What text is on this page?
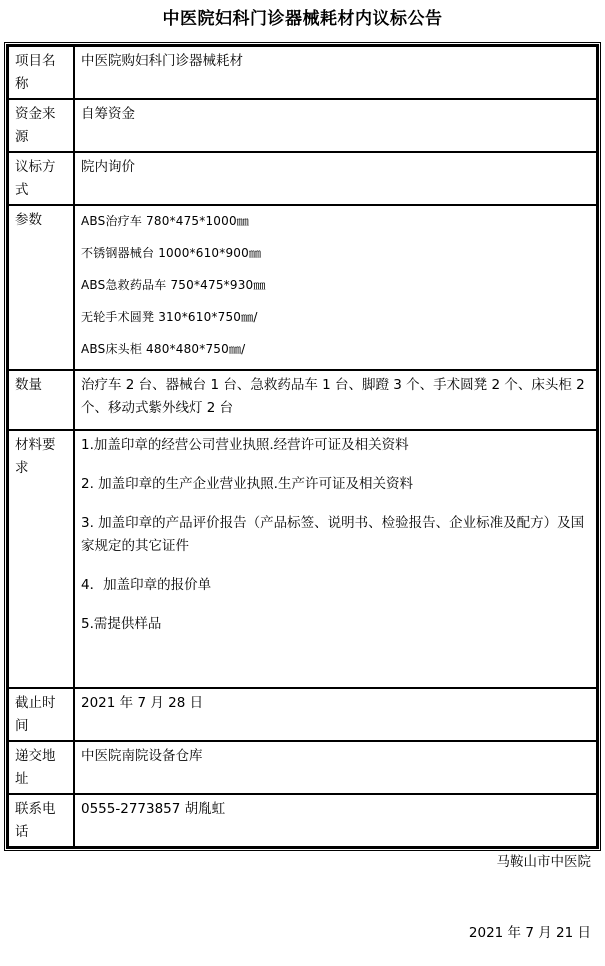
中医院妇科门诊器械耗材内议标公告
项目名称	中医院购妇科门诊器械耗材
资金来源	自筹资金
议标方式	院内询价
参数	ABS治疗车 780*475*1000㎜

不锈钢器械台 1000*610*900㎜

ABS急救药品车 750*475*930㎜

无轮手术圆凳 310*610*750㎜/

ABS床头柜 480*480*750㎜/

数量	治疗车 2 台、器械台 1 台、急救药品车 1 台、脚蹬 3 个、手术圆凳 2 个、床头柜 2 个、移动式紫外线灯 2 台
材料要求	1.加盖印章的经营公司营业执照.经营许可证及相关资料

2. 加盖印章的生产企业营业执照.生产许可证及相关资料

3. 加盖印章的产品评价报告（产品标签、说明书、检验报告、企业标准及配方）及国家规定的其它证件

4．加盖印章的报价单

5.需提供样品

截止时间	2021 年 7 月 28 日
递交地址	中医院南院设备仓库
联系电话	0555-2773857 胡胤虹
马鞍山市中医院
2021 年 7 月 21 日
